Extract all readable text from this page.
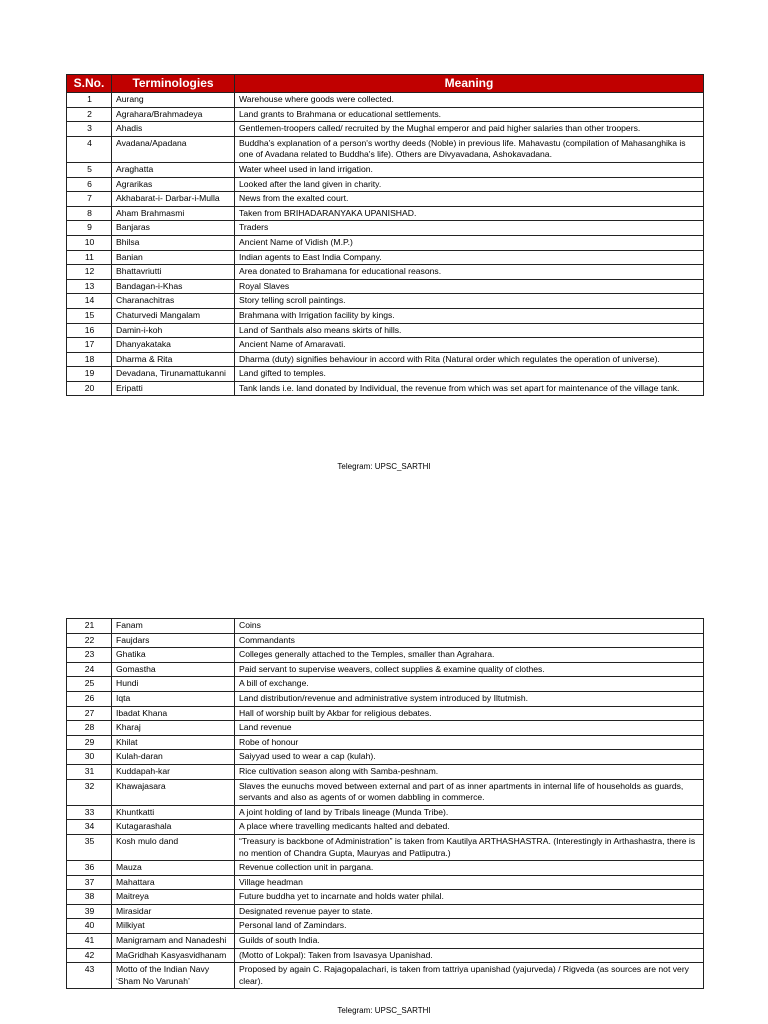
S.No.	Terminologies	Meaning
1	Aurang	Warehouse where goods were collected.
2	Agrahara/Brahmadeya	Land grants to Brahmana or educational settlements.
3	Ahadis	Gentlemen-troopers called/ recruited by the Mughal emperor and paid higher salaries than other troopers.
4	Avadana/Apadana	Buddha's explanation of a person's worthy deeds (Noble) in previous life. Mahavastu (compilation of Mahasanghika is one of Avadana related to Buddha's life). Others are Divyavadana, Ashokavadana.
5	Araghatta	Water wheel used in land irrigation.
6	Agrarikas	Looked after the land given in charity.
7	Akhabarat-i- Darbar-i-Mulla	News from the exalted court.
8	Aham Brahmasmi	Taken from BRIHADARANYAKA UPANISHAD.
9	Banjaras	Traders
10	Bhilsa	Ancient Name of Vidish (M.P.)
11	Banian	Indian agents to East India Company.
12	Bhattavriutti	Area donated to Brahamana for educational reasons.
13	Bandagan-i-Khas	Royal Slaves
14	Charanachitras	Story telling scroll paintings.
15	Chaturvedi Mangalam	Brahmana with Irrigation facility by kings.
16	Damin-i-koh	Land of Santhals also means skirts of hills.
17	Dhanyakataka	Ancient Name of Amaravati.
18	Dharma & Rita	Dharma (duty) signifies behaviour in accord with Rita (Natural order which regulates the operation of universe).
19	Devadana, Tirunamattukanni	Land gifted to temples.
20	Eripatti	Tank lands i.e. land donated by Individual, the revenue from which was set apart for maintenance of the village tank.
Telegram: UPSC_SARTHI
21	Fanam	Coins
22	Faujdars	Commandants
23	Ghatika	Colleges generally attached to the Temples, smaller than Agrahara.
24	Gomastha	Paid servant to supervise weavers, collect supplies & examine quality of clothes.
25	Hundi	A bill of exchange.
26	Iqta	Land distribution/revenue and administrative system introduced by Iltutmish.
27	Ibadat Khana	Hall of worship built by Akbar for religious debates.
28	Kharaj	Land revenue
29	Khilat	Robe of honour
30	Kulah-daran	Saiyyad used to wear a cap (kulah).
31	Kuddapah-kar	Rice cultivation season along with Samba-peshnam.
32	Khawajasara	Slaves the eunuchs moved between external and part of as inner apartments in internal life of households as guards, servants and also as agents of or women dabbling in commerce.
33	Khuntkatti	A joint holding of land by Tribals lineage (Munda Tribe).
34	Kutagarashala	A place where travelling medicants halted and debated.
35	Kosh mulo dand	“Treasury is backbone of Administration” is taken from Kautilya ARTHASHASTRA. (Interestingly in Arthashastra, there is no mention of Chandra Gupta, Mauryas and Patliputra.)
36	Mauza	Revenue collection unit in pargana.
37	Mahattara	Village headman
38	Maitreya	Future buddha yet to incarnate and holds water philal.
39	Mirasidar	Designated revenue payer to state.
40	Milkiyat	Personal land of Zamindars.
41	Manigramam and Nanadeshi	Guilds of south India.
42	MaGridhah Kasyasvidhanam	(Motto of Lokpal): Taken from Isavasya Upanishad.
43	Motto of the Indian Navy ‘Sham No Varunah’	Proposed by again C. Rajagopalachari, is taken from tattriya upanishad (yajurveda) / Rigveda (as sources are not very clear).
Telegram: UPSC_SARTHI
